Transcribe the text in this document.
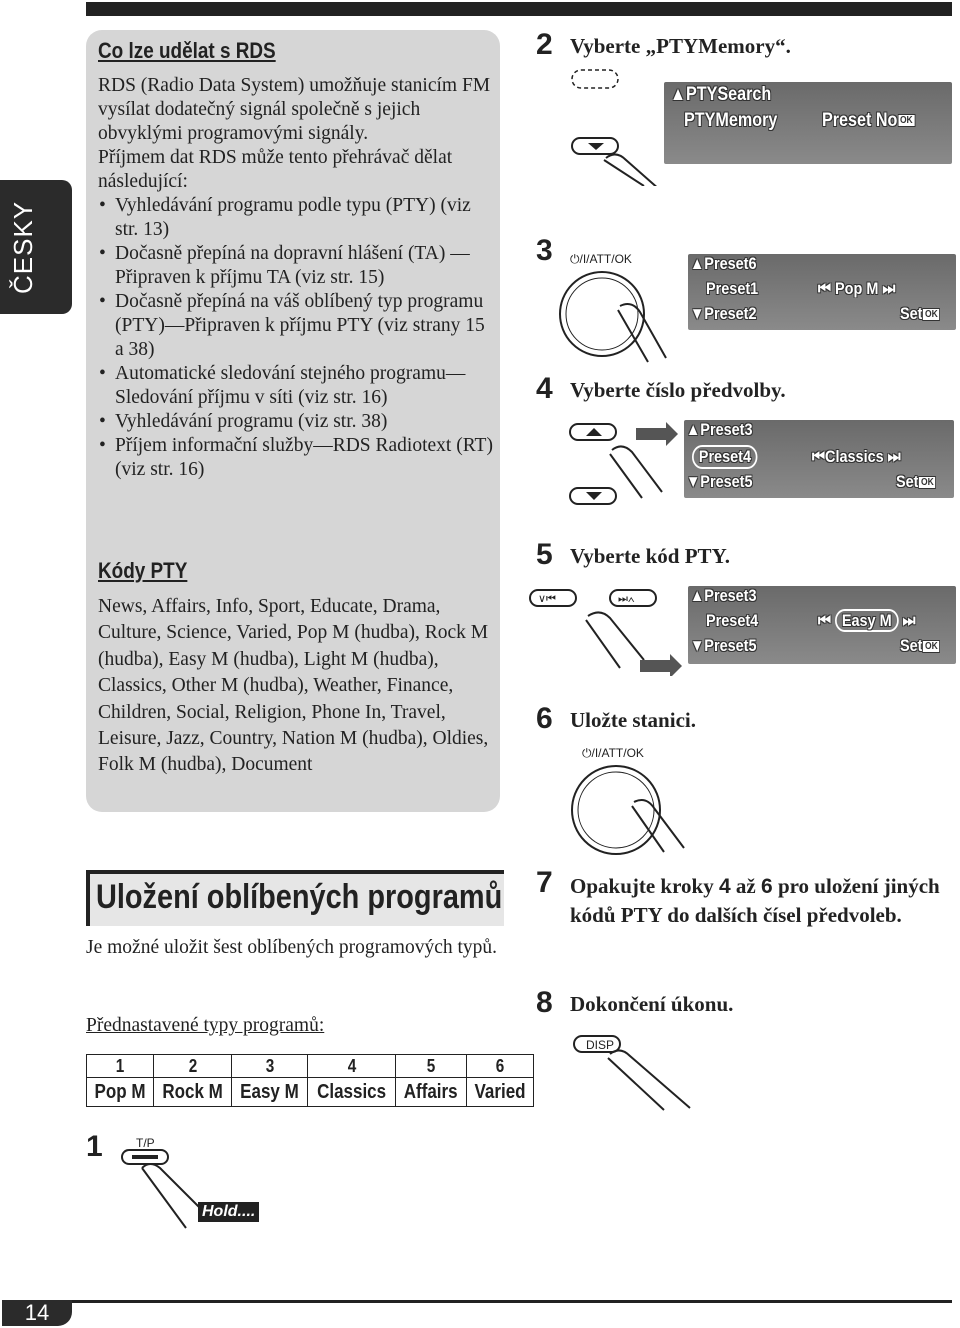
ČESKY
14
Co lze udělat s RDS

RDS (Radio Data System) umožňuje stanicím FM vysílat dodatečný signál společně s jejich obvyklými programovými signály.

Příjmem dat RDS může tento přehrávač dělat následující:

• Vyhledávání programu podle typu (PTY) (viz str. 13)
• Dočasně přepíná na dopravní hlášení (TA) —Připraven k příjmu TA (viz str. 15)
• Dočasně přepíná na váš oblíbený typ programu (PTY)—Připraven k příjmu PTY (viz strany 15 a 38)
• Automatické sledování stejného programu—Sledování příjmu v síti (viz str. 16)
• Vyhledávání programu (viz str. 38)
• Příjem informační služby—RDS Radiotext (RT) (viz str. 16)
Kódy PTY
News, Affairs, Info, Sport, Educate, Drama, Culture, Science, Varied, Pop M (hudba), Rock M (hudba), Easy M (hudba), Light M (hudba), Classics, Other M (hudba), Weather, Finance, Children, Social, Religion, Phone In, Travel, Leisure, Jazz, Country, Nation M (hudba), Oldies, Folk M (hudba), Document
Uložení oblíbených programů
Je možné uložit šest oblíbených programových typů.
Přednastavené typy programů:
1	2	3	4	5	6
Pop M	Rock M	Easy M	Classics	Affairs	Varied
1	T/P
Hold....
2 Vyberte „PTYMemory“.
▲PTYSearch
PTYMemory Preset No OK
3 ⏻/I/ATT/OK	▲Preset6
Preset1
▼Preset2
⏮ Pop M ⏭
Set OK
4 Vyberte číslo předvolby.
▲Preset3
Preset4
▼Preset5
⏮Classics ⏭
Set OK
5 Vyberte kód PTY.
∨⏮	⏭∧	▲Preset3
Preset4
▼Preset5
⏮ Easy M ⏭
Set OK
6 Uložte stanici.
⏻/I/ATT/OK
7 Opakujte kroky 4 až 6 pro uložení jiných kódů PTY do dalších čísel předvoleb.
8 Dokončení úkonu.
DISP
